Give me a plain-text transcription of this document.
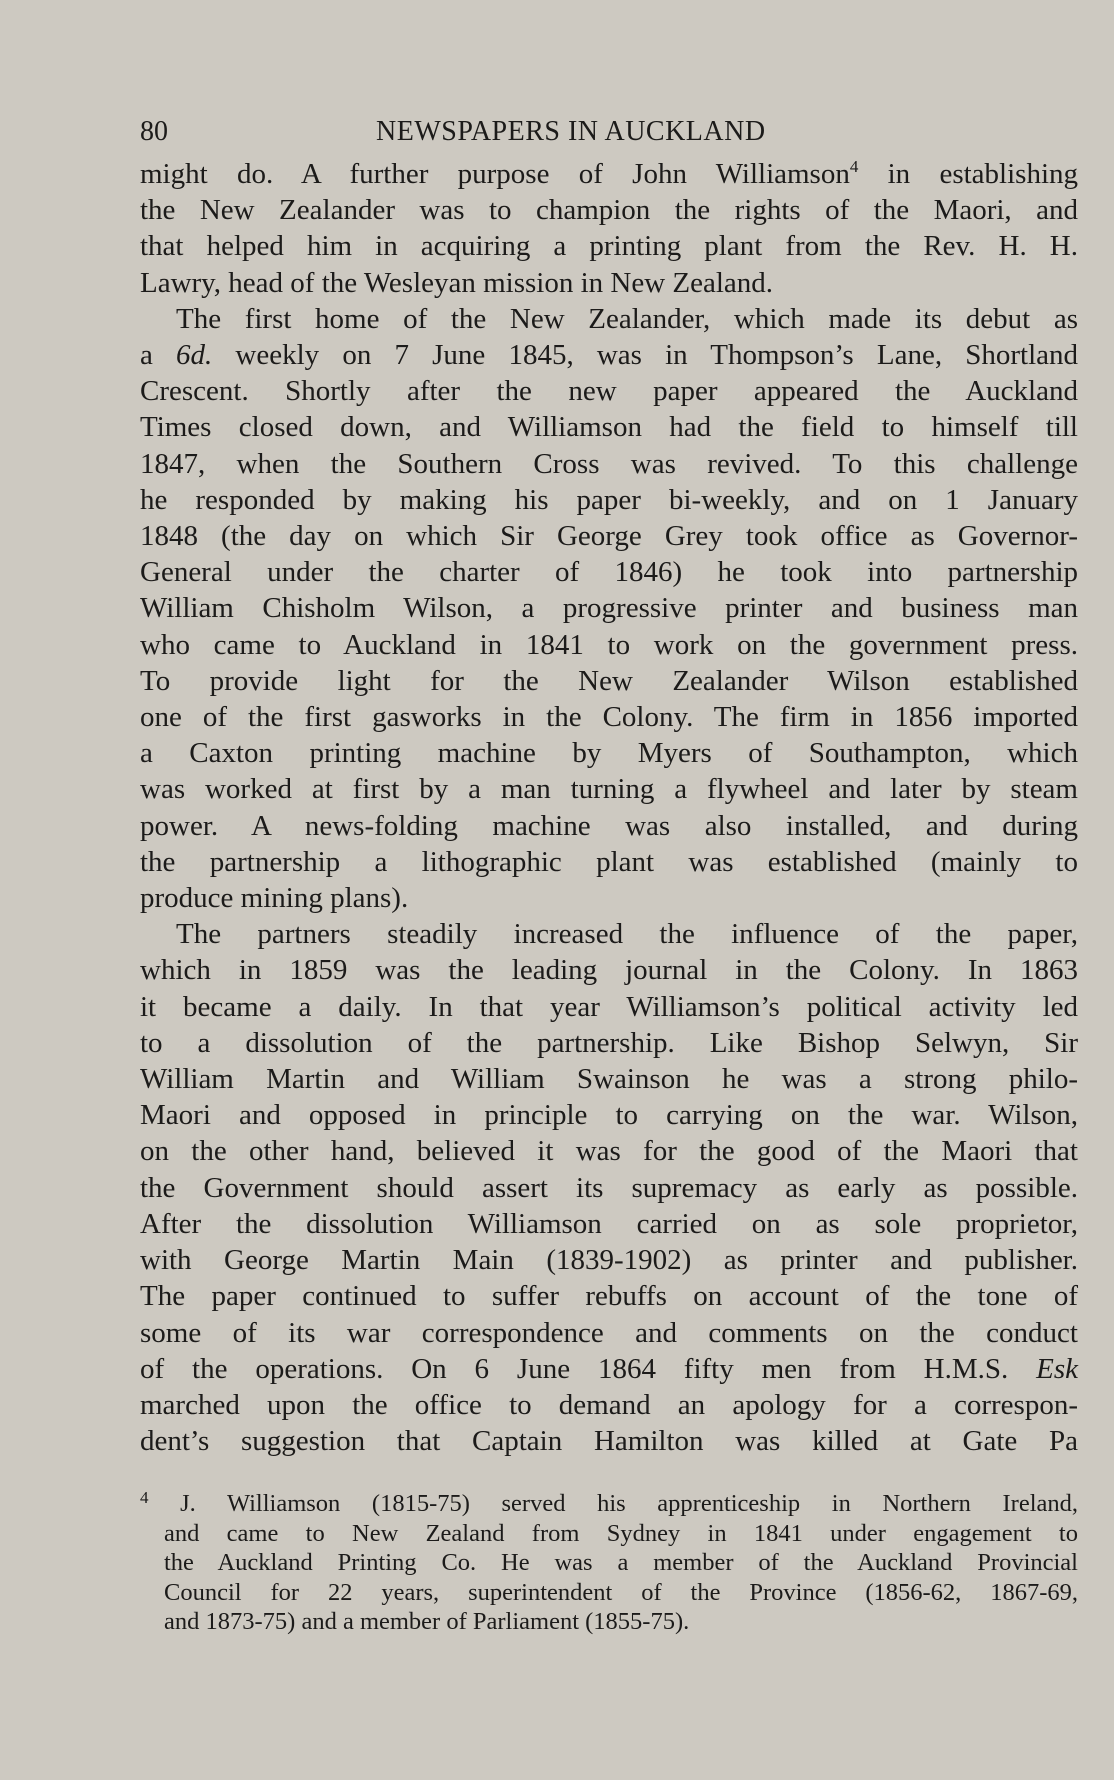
80	NEWSPAPERS IN AUCKLAND
might do. A further purpose of John Williamson$^4$ in establishing
the New Zealander was to champion the rights of the Maori, and
that helped him in acquiring a printing plant from the Rev. H. H.
Lawry, head of the Wesleyan mission in New Zealand.
The first home of the New Zealander, which made its debut as
a 6d. weekly on 7 June 1845, was in Thompson’s Lane, Shortland
Crescent. Shortly after the new paper appeared the Auckland
Times closed down, and Williamson had the field to himself till
1847, when the Southern Cross was revived. To this challenge
he responded by making his paper bi-weekly, and on 1 January
1848 (the day on which Sir George Grey took office as Governor-
General under the charter of 1846) he took into partnership
William Chisholm Wilson, a progressive printer and business man
who came to Auckland in 1841 to work on the government press.
To provide light for the New Zealander Wilson established
one of the first gasworks in the Colony. The firm in 1856 imported
a Caxton printing machine by Myers of Southampton, which
was worked at first by a man turning a flywheel and later by steam
power. A news-folding machine was also installed, and during
the partnership a lithographic plant was established (mainly to
produce mining plans).
The partners steadily increased the influence of the paper,
which in 1859 was the leading journal in the Colony. In 1863
it became a daily. In that year Williamson’s political activity led
to a dissolution of the partnership. Like Bishop Selwyn, Sir
William Martin and William Swainson he was a strong philo-
Maori and opposed in principle to carrying on the war. Wilson,
on the other hand, believed it was for the good of the Maori that
the Government should assert its supremacy as early as possible.
After the dissolution Williamson carried on as sole proprietor,
with George Martin Main (1839-1902) as printer and publisher.
The paper continued to suffer rebuffs on account of the tone of
some of its war correspondence and comments on the conduct
of the operations. On 6 June 1864 fifty men from H.M.S. Esk
marched upon the office to demand an apology for a correspon-
dent’s suggestion that Captain Hamilton was killed at Gate Pa
$^4$ J. Williamson (1815-75) served his apprenticeship in Northern Ireland,
and came to New Zealand from Sydney in 1841 under engagement to
the Auckland Printing Co. He was a member of the Auckland Provincial
Council for 22 years, superintendent of the Province (1856-62, 1867-69,
and 1873-75) and a member of Parliament (1855-75).
